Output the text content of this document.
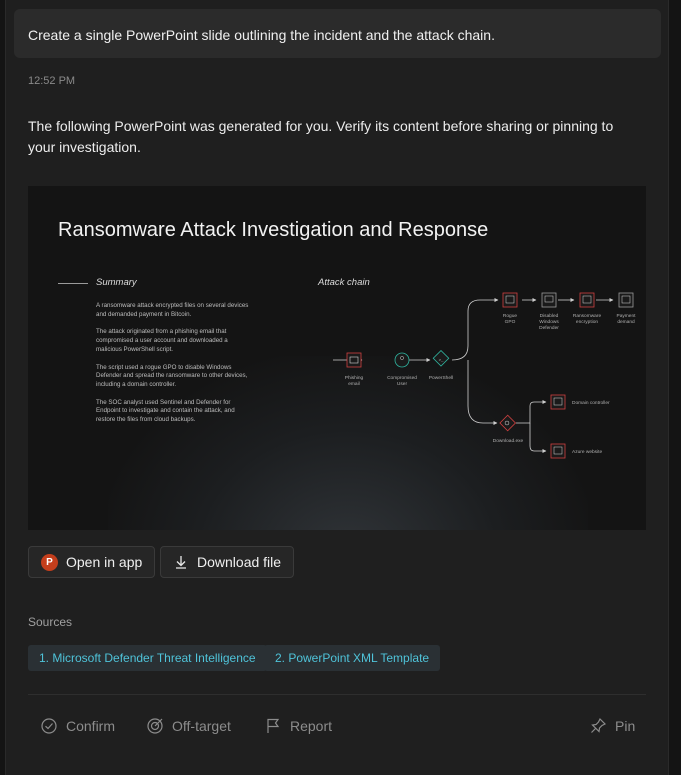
Create a single PowerPoint slide outlining the incident and the attack chain.
12:52 PM
The following PowerPoint was generated for you. Verify its content before sharing or pinning to your investigation.
Ransomware Attack Investigation and Response
Summary

A ransomware attack encrypted files on several devices and demanded payment in Bitcoin.

The attack originated from a phishing email that compromised a user account and downloaded a malicious PowerShell script.

The script used a rogue GPO to disable Windows Defender and spread the ransomware to other devices, including a domain controller.

The SOC analyst used Sentinel and Defender for Endpoint to investigate and contain the attack, and restore the files from cloud backups.

Attack chain
Phishing
email
Compromised
User
>_
PowerShell
Rogue
GPO
Disabled
Windows
Defender
Ransomware
encryption
Payment
demand
Download.exe
Domain controller
Azure website
P Open in app	Download file
Sources
1. Microsoft Defender Threat Intelligence	2. PowerPoint XML Template
Confirm	Off-target	Report	Pin
